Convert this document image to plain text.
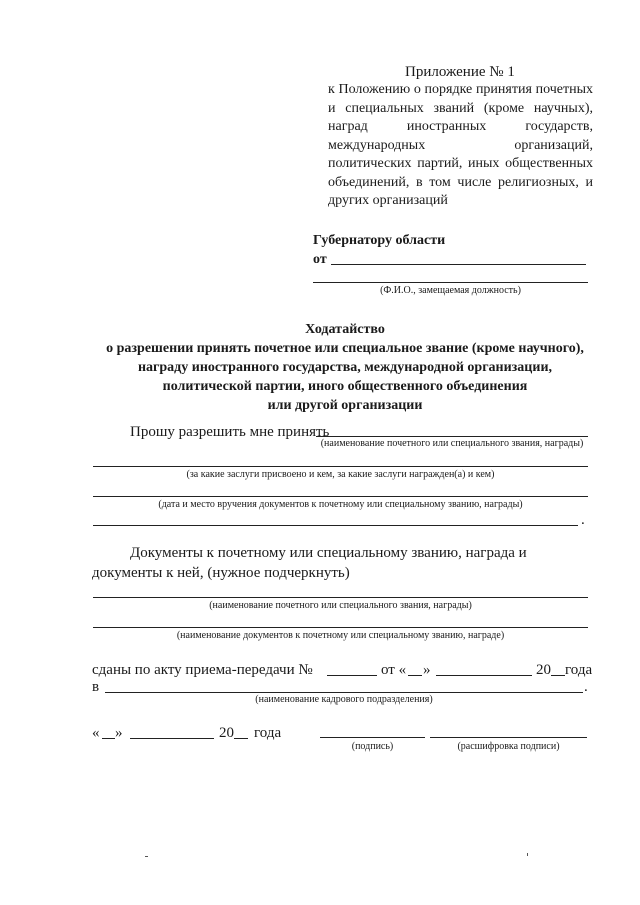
Приложение № 1
к Положению о порядке принятия почетных и специальных званий (кроме научных), наград иностранных государств, международных организаций, политических партий, иных общественных объединений, в том числе религиозных, и других организаций
Губернатору области
от
(Ф.И.О., замещаемая должность)
Ходатайство
о разрешении принять почетное или специальное звание (кроме научного),
награду иностранного государства, международной организации,
политической партии, иного общественного объединения
или другой организации
Прошу разрешить мне принять
(наименование почетного или специального звания, награды)
(за какие заслуги присвоено и кем, за какие заслуги награжден(а) и кем)
(дата и место вручения документов к почетному или специальному званию, награды)
.
Документы к почетному или специальному званию, награда и документы к ней, (нужное подчеркнуть)
(наименование почетного или специального звания, награды)
(наименование документов к почетному или специальному званию, награде)
сданы по акту приема-передачи №	от « »	20 года
в	.
(наименование кадрового подразделения)
« »	20 года
(подпись)	(расшифровка подписи)
